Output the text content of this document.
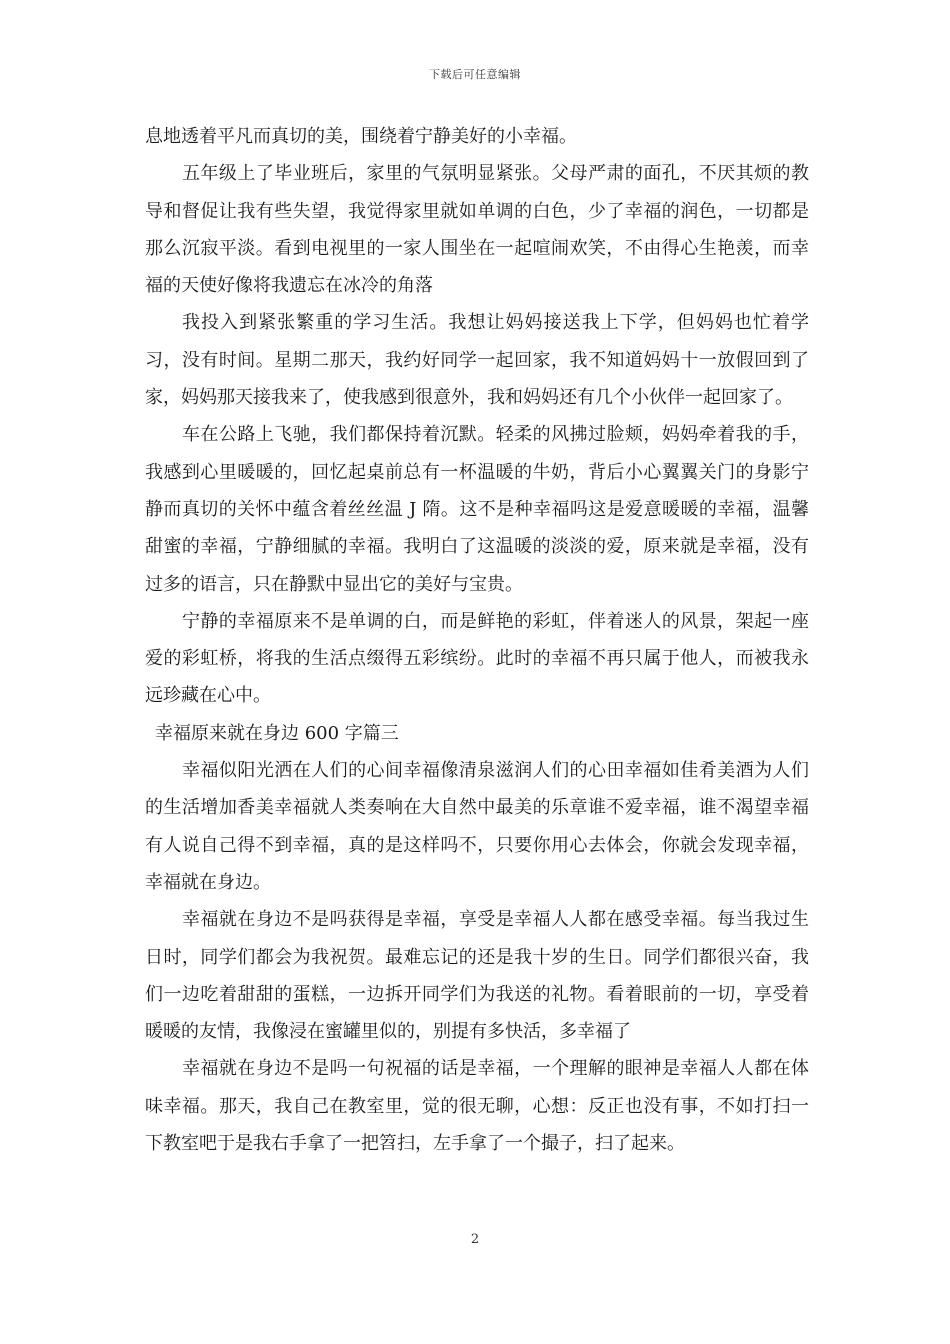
下载后可任意编辑

息地透着平凡而真切的美，围绕着宁静美好的小幸福。

五年级上了毕业班后，家里的气氛明显紧张。父母严肃的面孔，不厌其烦的教导和督促让我有些失望，我觉得家里就如单调的白色，少了幸福的润色，一切都是那么沉寂平淡。看到电视里的一家人围坐在一起喧闹欢笑，不由得心生艳羡，而幸福的天使好像将我遗忘在冰冷的角落

我投入到紧张繁重的学习生活。我想让妈妈接送我上下学，但妈妈也忙着学习，没有时间。星期二那天，我约好同学一起回家，我不知道妈妈十一放假回到了家，妈妈那天接我来了，使我感到很意外，我和妈妈还有几个小伙伴一起回家了。

车在公路上飞驰，我们都保持着沉默。轻柔的风拂过脸颊，妈妈牵着我的手，我感到心里暖暖的，回忆起桌前总有一杯温暖的牛奶，背后小心翼翼关门的身影宁静而真切的关怀中蕴含着丝丝温 J 隋。这不是种幸福吗这是爱意暖暖的幸福，温馨甜蜜的幸福，宁静细腻的幸福。我明白了这温暖的淡淡的爱，原来就是幸福，没有过多的语言，只在静默中显出它的美好与宝贵。

宁静的幸福原来不是单调的白，而是鲜艳的彩虹，伴着迷人的风景，架起一座爱的彩虹桥，将我的生活点缀得五彩缤纷。此时的幸福不再只属于他人，而被我永远珍藏在心中。

幸福原来就在身边 600 字篇三

幸福似阳光洒在人们的心间幸福像清泉滋润人们的心田幸福如佳肴美酒为人们的生活增加香美幸福就人类奏响在大自然中最美的乐章谁不爱幸福，谁不渴望幸福有人说自己得不到幸福，真的是这样吗不，只要你用心去体会，你就会发现幸福，幸福就在身边。

幸福就在身边不是吗获得是幸福，享受是幸福人人都在感受幸福。每当我过生日时，同学们都会为我祝贺。最难忘记的还是我十岁的生日。同学们都很兴奋，我们一边吃着甜甜的蛋糕，一边拆开同学们为我送的礼物。看着眼前的一切，享受着暖暖的友情，我像浸在蜜罐里似的，别提有多快活，多幸福了

幸福就在身边不是吗一句祝福的话是幸福，一个理解的眼神是幸福人人都在体味幸福。那天，我自己在教室里，觉的很无聊，心想：反正也没有事，不如打扫一下教室吧于是我右手拿了一把笤扫，左手拿了一个撮子，扫了起来。

2
